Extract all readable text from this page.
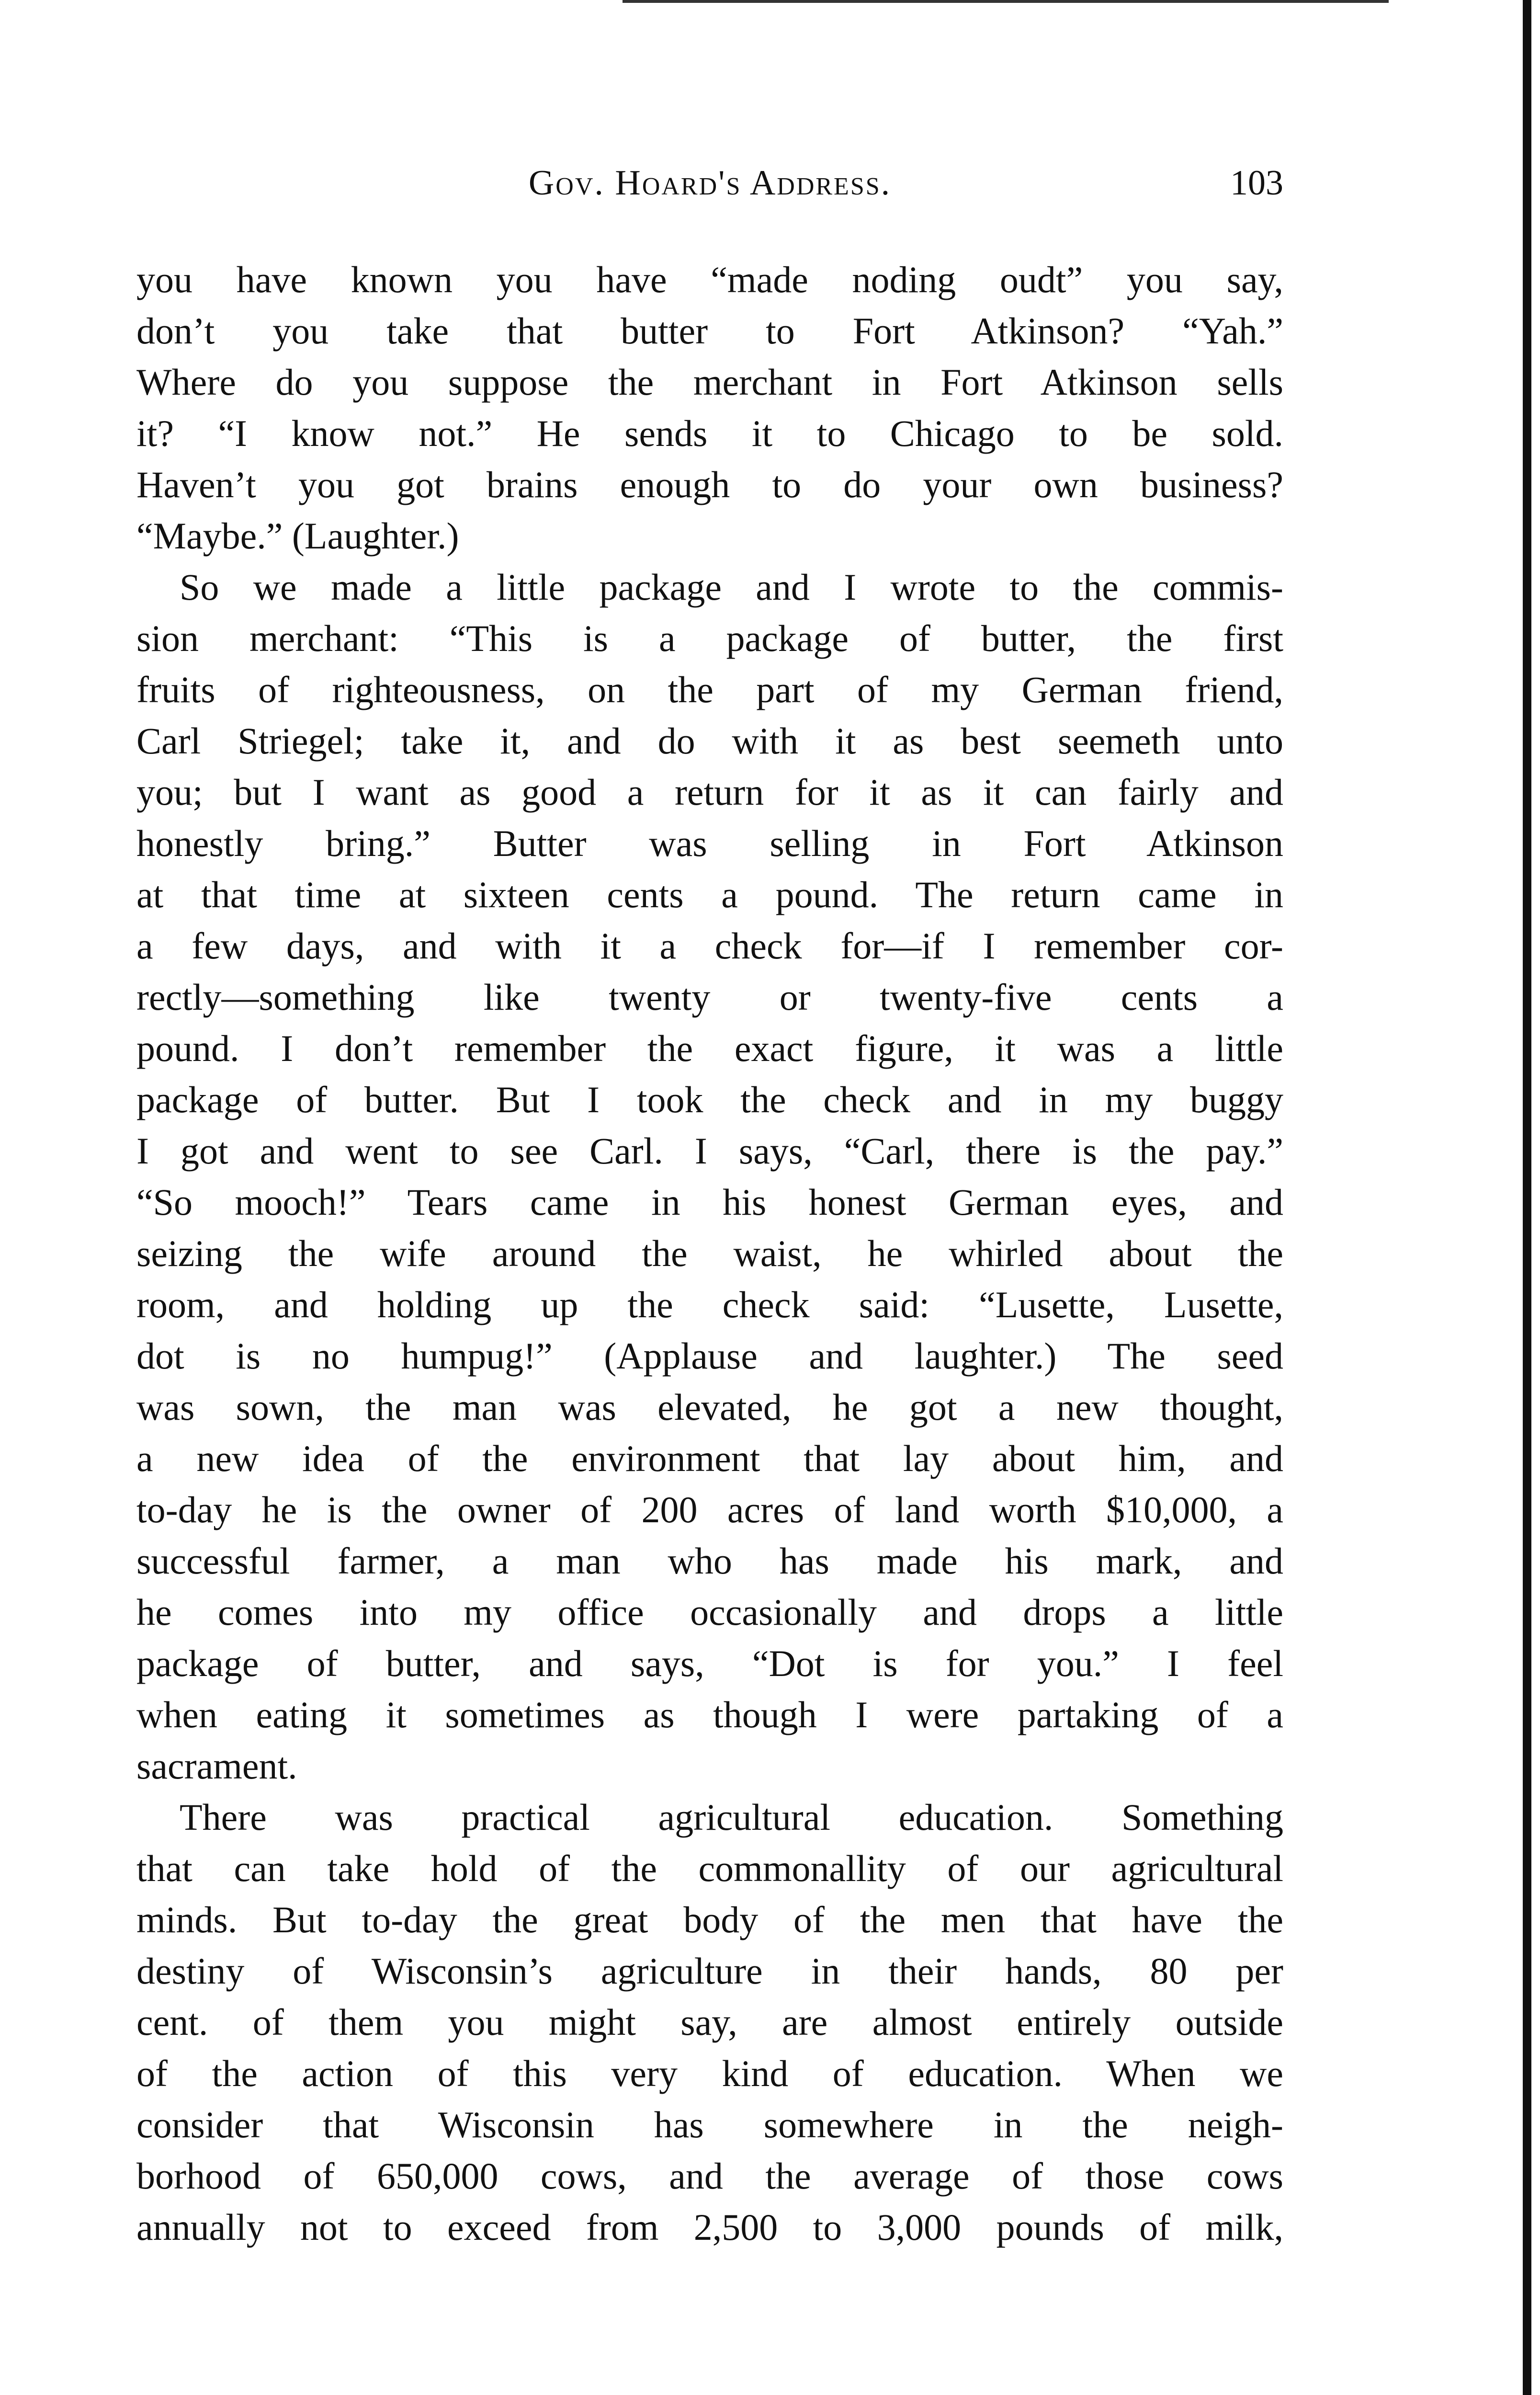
Gov. Hoard's Address.	103
you have known you have “made noding oudt” you say,
don’t you take that butter to Fort Atkinson? “Yah.”
Where do you suppose the merchant in Fort Atkinson sells
it? “I know not.” He sends it to Chicago to be sold.
Haven’t you got brains enough to do your own business?
“Maybe.” (Laughter.)
So we made a little package and I wrote to the commis-
sion merchant: “This is a package of butter, the first
fruits of righteousness, on the part of my German friend,
Carl Striegel; take it, and do with it as best seemeth unto
you; but I want as good a return for it as it can fairly and
honestly bring.” Butter was selling in Fort Atkinson
at that time at sixteen cents a pound. The return came in
a few days, and with it a check for—if I remember cor-
rectly—something like twenty or twenty-five cents a
pound. I don’t remember the exact figure, it was a little
package of butter. But I took the check and in my buggy
I got and went to see Carl. I says, “Carl, there is the pay.”
“So mooch!” Tears came in his honest German eyes, and
seizing the wife around the waist, he whirled about the
room, and holding up the check said: “Lusette, Lusette,
dot is no humpug!” (Applause and laughter.) The seed
was sown, the man was elevated, he got a new thought,
a new idea of the environment that lay about him, and
to-day he is the owner of 200 acres of land worth $10,000, a
successful farmer, a man who has made his mark, and
he comes into my office occasionally and drops a little
package of butter, and says, “Dot is for you.” I feel
when eating it sometimes as though I were partaking of a
sacrament.
There was practical agricultural education. Something
that can take hold of the commonallity of our agricultural
minds. But to-day the great body of the men that have the
destiny of Wisconsin’s agriculture in their hands, 80 per
cent. of them you might say, are almost entirely outside
of the action of this very kind of education. When we
consider that Wisconsin has somewhere in the neigh-
borhood of 650,000 cows, and the average of those cows
annually not to exceed from 2,500 to 3,000 pounds of milk,
